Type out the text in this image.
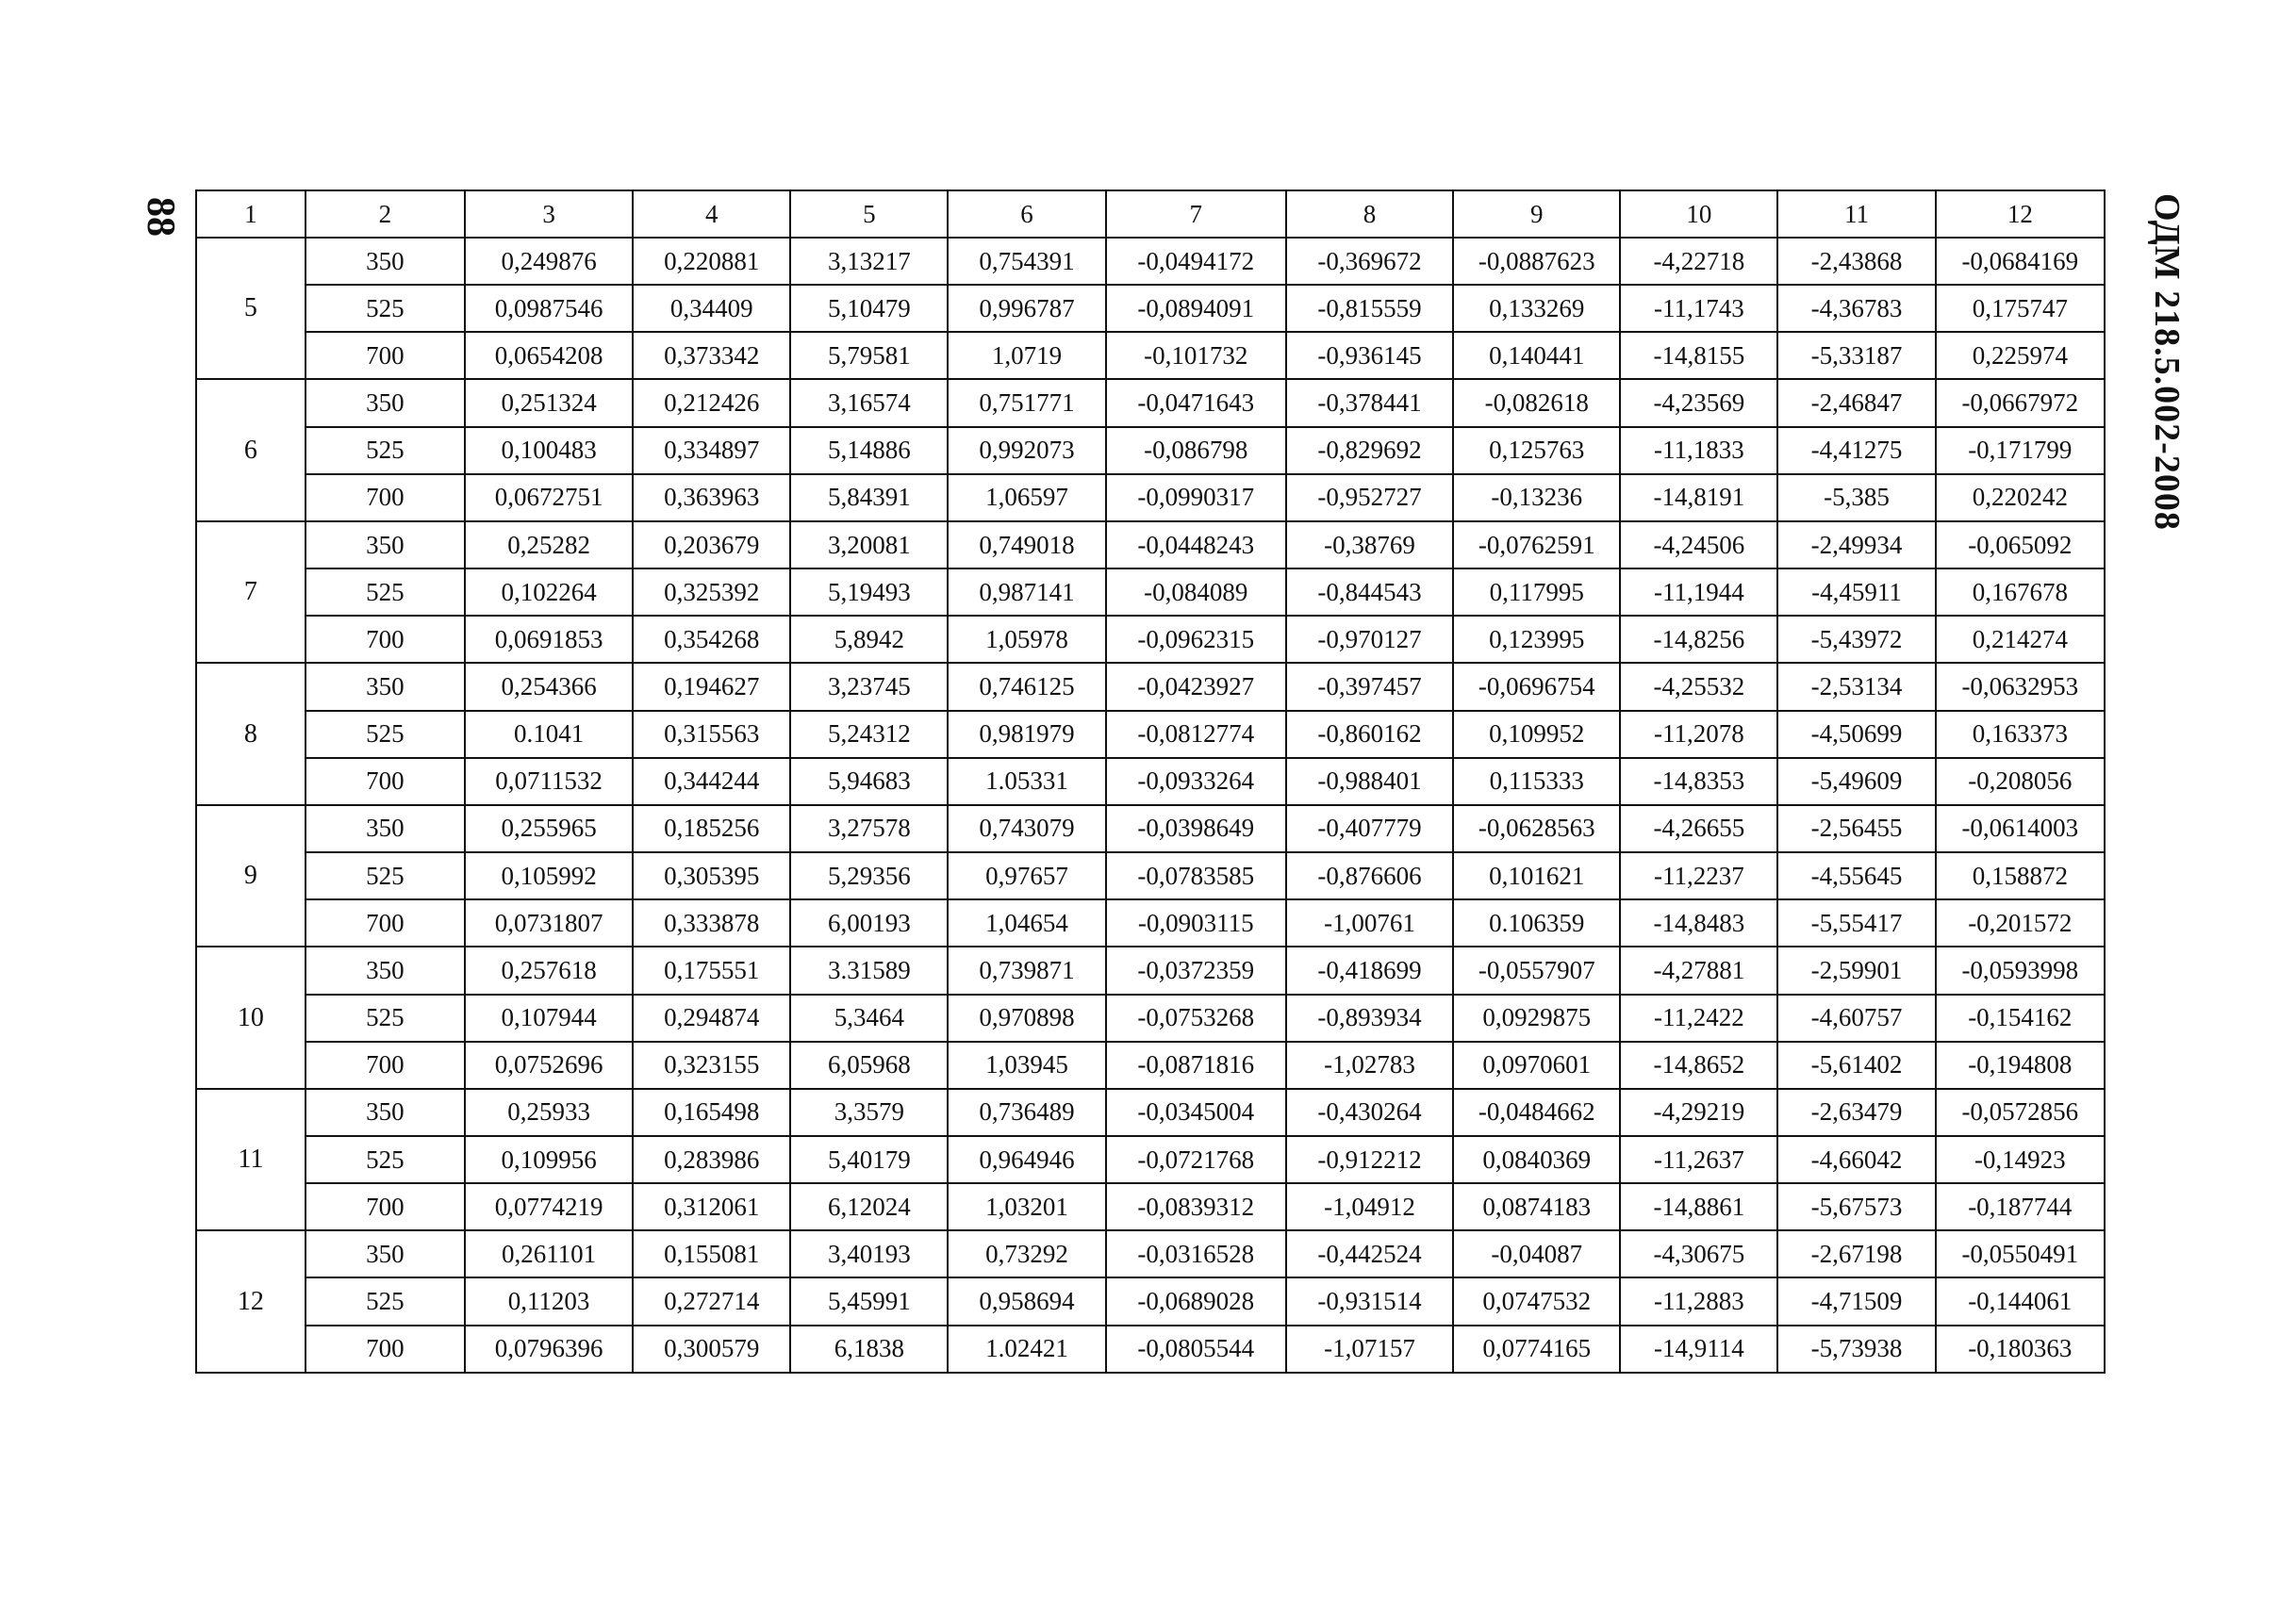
88	ОДМ 218.5.002-2008
1	2	3	4	5	6	7	8	9	10	11	12
5	350	0,249876	0,220881	3,13217	0,754391	-0,0494172	-0,369672	-0,0887623	-4,22718	-2,43868	-0,0684169
	525	0,0987546	0,34409	5,10479	0,996787	-0,0894091	-0,815559	0,133269	-11,1743	-4,36783	0,175747
	700	0,0654208	0,373342	5,79581	1,0719	-0,101732	-0,936145	0,140441	-14,8155	-5,33187	0,225974
6	350	0,251324	0,212426	3,16574	0,751771	-0,0471643	-0,378441	-0,082618	-4,23569	-2,46847	-0,0667972
	525	0,100483	0,334897	5,14886	0,992073	-0,086798	-0,829692	0,125763	-11,1833	-4,41275	-0,171799
	700	0,0672751	0,363963	5,84391	1,06597	-0,0990317	-0,952727	-0,13236	-14,8191	-5,385	0,220242
7	350	0,25282	0,203679	3,20081	0,749018	-0,0448243	-0,38769	-0,0762591	-4,24506	-2,49934	-0,065092
	525	0,102264	0,325392	5,19493	0,987141	-0,084089	-0,844543	0,117995	-11,1944	-4,45911	0,167678
	700	0,0691853	0,354268	5,8942	1,05978	-0,0962315	-0,970127	0,123995	-14,8256	-5,43972	0,214274
8	350	0,254366	0,194627	3,23745	0,746125	-0,0423927	-0,397457	-0,0696754	-4,25532	-2,53134	-0,0632953
	525	0.1041	0,315563	5,24312	0,981979	-0,0812774	-0,860162	0,109952	-11,2078	-4,50699	0,163373
	700	0,0711532	0,344244	5,94683	1.05331	-0,0933264	-0,988401	0,115333	-14,8353	-5,49609	-0,208056
9	350	0,255965	0,185256	3,27578	0,743079	-0,0398649	-0,407779	-0,0628563	-4,26655	-2,56455	-0,0614003
	525	0,105992	0,305395	5,29356	0,97657	-0,0783585	-0,876606	0,101621	-11,2237	-4,55645	0,158872
	700	0,0731807	0,333878	6,00193	1,04654	-0,0903115	-1,00761	0.106359	-14,8483	-5,55417	-0,201572
10	350	0,257618	0,175551	3.31589	0,739871	-0,0372359	-0,418699	-0,0557907	-4,27881	-2,59901	-0,0593998
	525	0,107944	0,294874	5,3464	0,970898	-0,0753268	-0,893934	0,0929875	-11,2422	-4,60757	-0,154162
	700	0,0752696	0,323155	6,05968	1,03945	-0,0871816	-1,02783	0,0970601	-14,8652	-5,61402	-0,194808
11	350	0,25933	0,165498	3,3579	0,736489	-0,0345004	-0,430264	-0,0484662	-4,29219	-2,63479	-0,0572856
	525	0,109956	0,283986	5,40179	0,964946	-0,0721768	-0,912212	0,0840369	-11,2637	-4,66042	-0,14923
	700	0,0774219	0,312061	6,12024	1,03201	-0,0839312	-1,04912	0,0874183	-14,8861	-5,67573	-0,187744
12	350	0,261101	0,155081	3,40193	0,73292	-0,0316528	-0,442524	-0,04087	-4,30675	-2,67198	-0,0550491
	525	0,11203	0,272714	5,45991	0,958694	-0,0689028	-0,931514	0,0747532	-11,2883	-4,71509	-0,144061
	700	0,0796396	0,300579	6,1838	1.02421	-0,0805544	-1,07157	0,0774165	-14,9114	-5,73938	-0,180363
